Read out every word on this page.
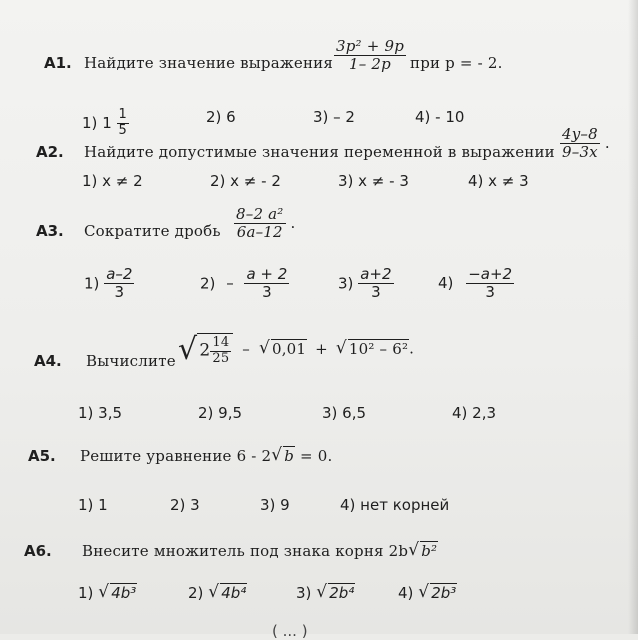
A1. Найдите значение выражения $\frac{\text{3p² + 9p}}{1- 2p}$ при p = - 2.
1) $1 \frac{1}{5}$	2) 6	3) – 2	4) - 10
A2. Найдите допустимые значения переменной в выражении $\frac{4y-8}{9-3x}$ .
1) x ≠ 2	2) x ≠ - 2	3) x ≠ - 3	4) x ≠ 3
A3. Сократите дробь $\frac{\text{8–2 a²}}{6a-12}$ .
$1) \frac{a-2}{3}$	$2) - \frac{a + 2}{3}$	$3) \frac{a+2}{3}$	$4) \frac{-a+2}{3}$
A4. Вычислите √ $2 \frac{14}{25}$ – √ 0,01 + √ 10² – 6².
1) 3,5	2) 9,5	3) 6,5	4) 2,3
A5. Решите уравнение 6 - 2 √ b = 0.
1) 1	2) 3	3) 9	4) нет корней
A6. Внесите множитель под знака корня 2b √ b²
1) √ 4b³	2) √ 4b⁴	3) √ 2b⁴	4) √ 2b³
( ... )
